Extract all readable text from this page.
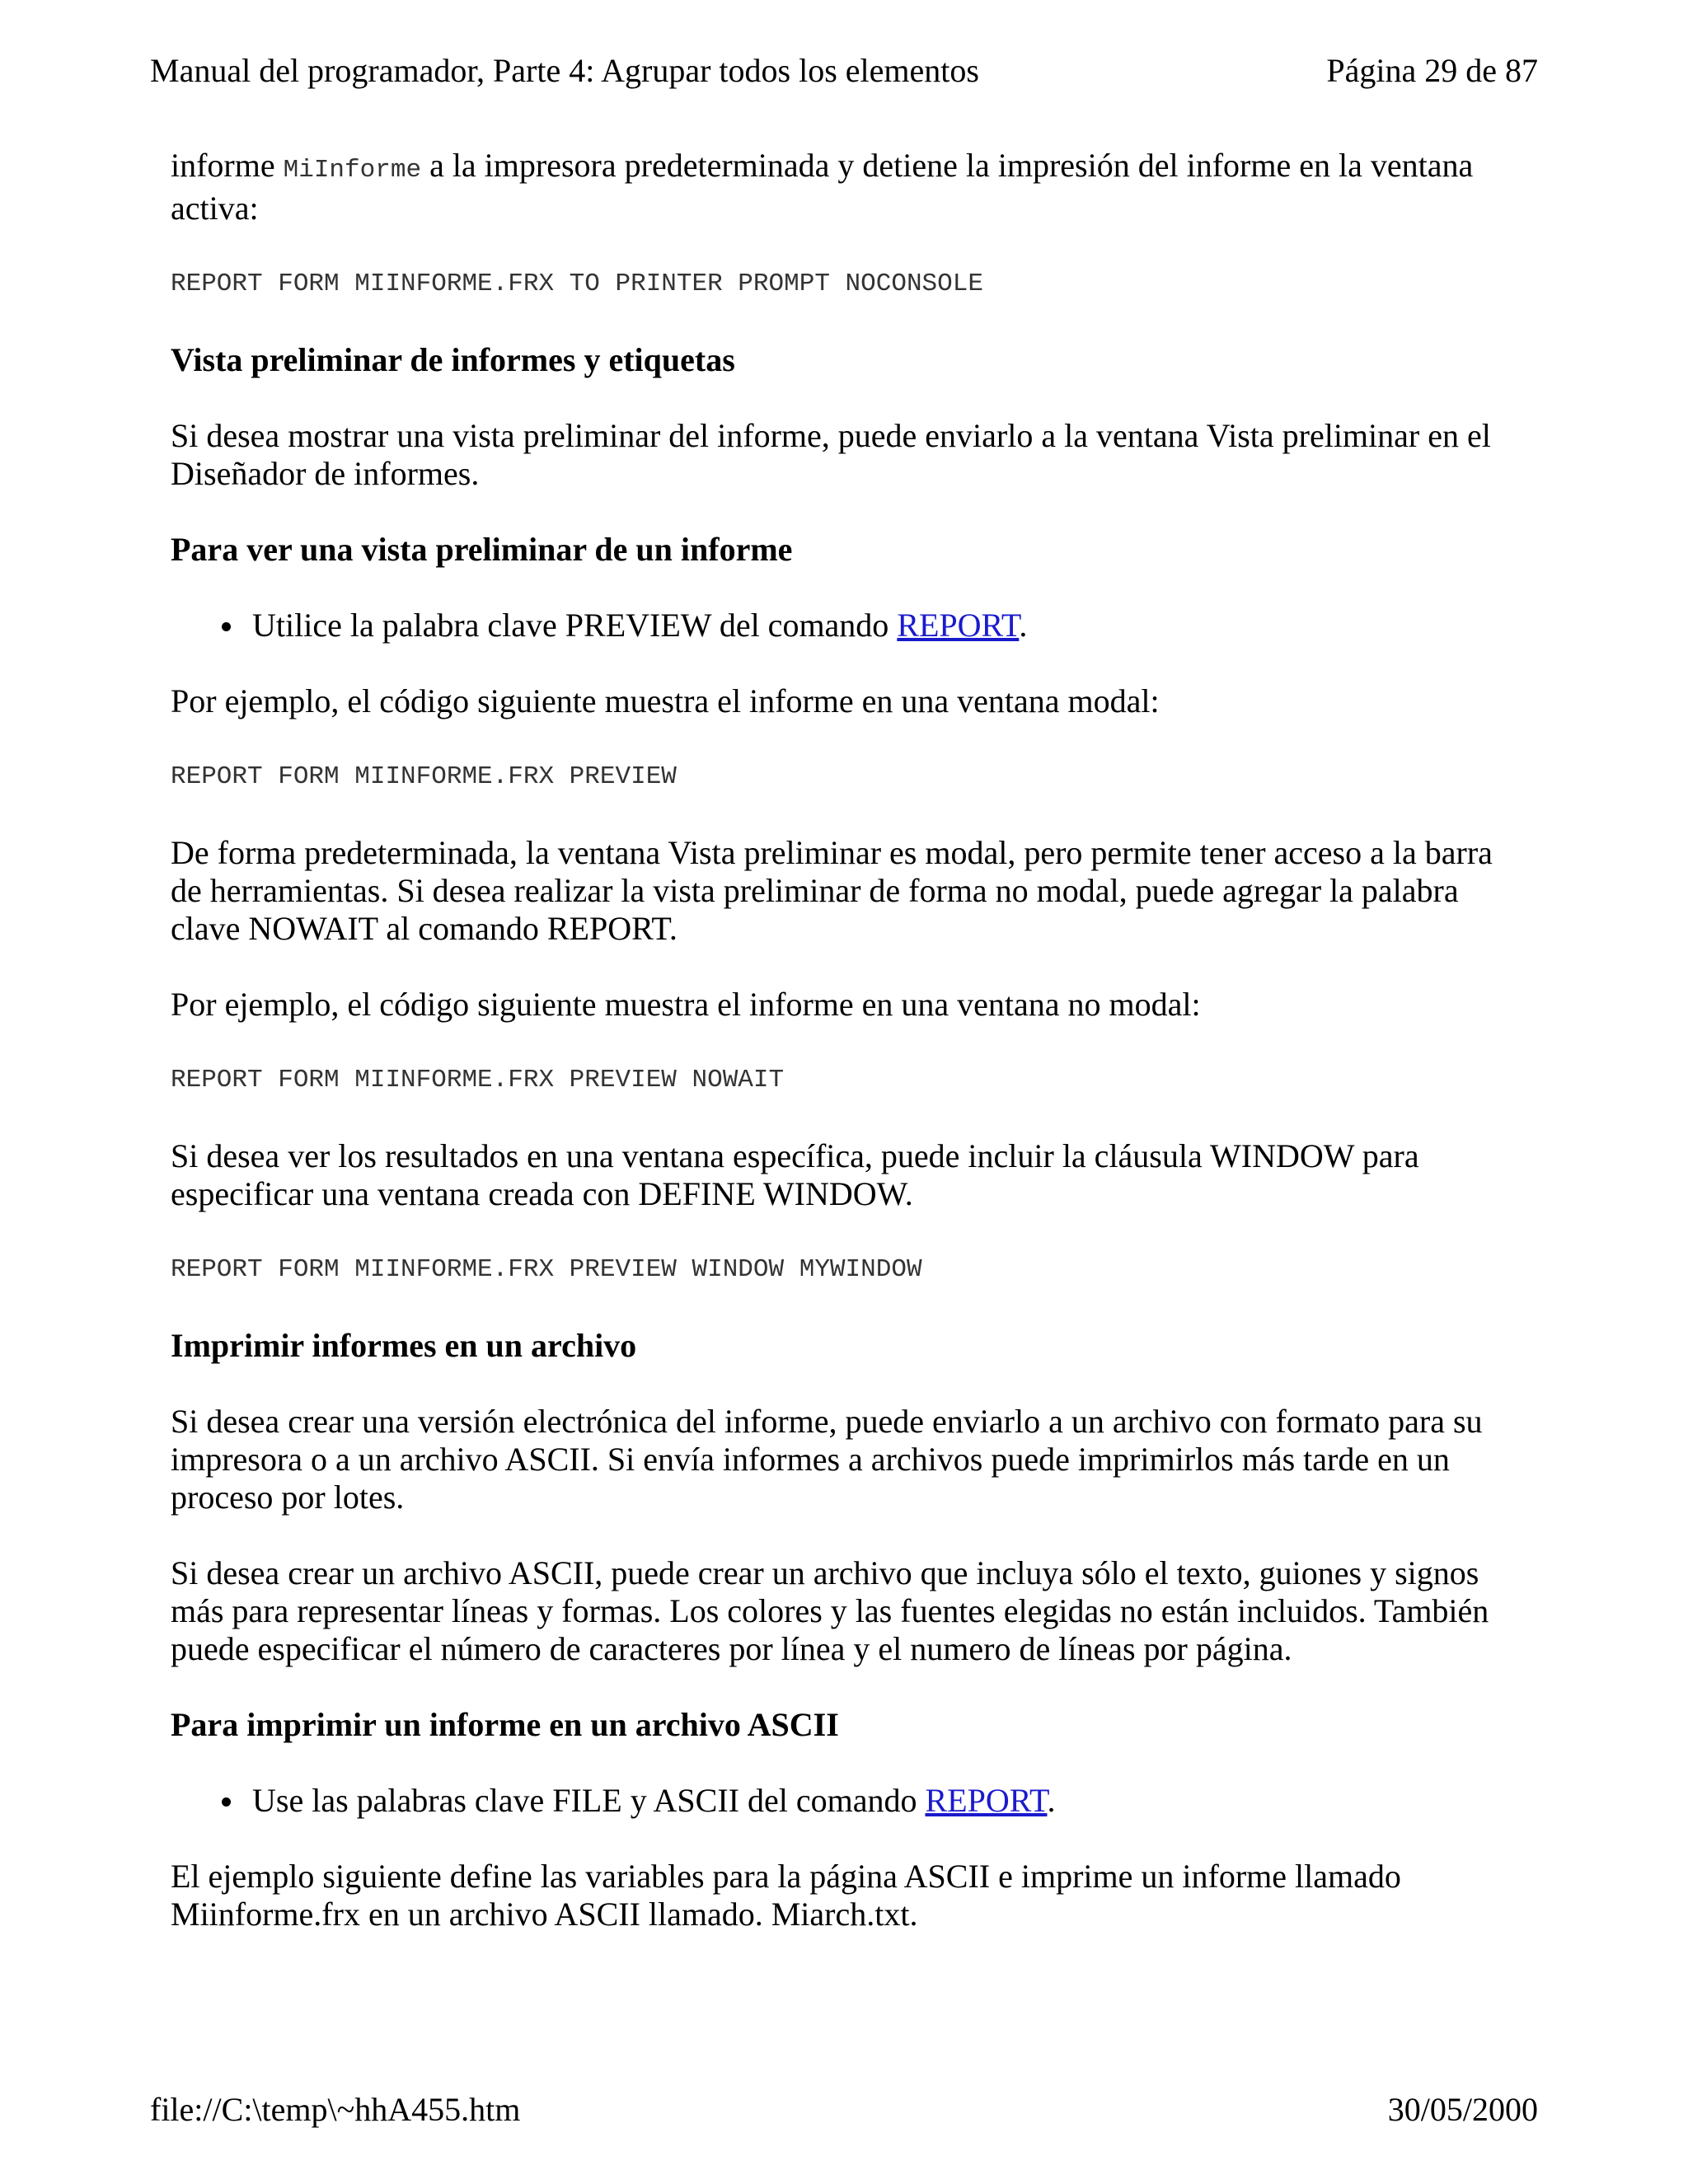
Manual del programador, Parte 4: Agrupar todos los elementos	Página 29 de 87

informe MiInforme a la impresora predeterminada y detiene la impresión del informe en la ventana activa:

REPORT FORM MIINFORME.FRX TO PRINTER PROMPT NOCONSOLE
Vista preliminar de informes y etiquetas

Si desea mostrar una vista preliminar del informe, puede enviarlo a la ventana Vista preliminar en el Diseñador de informes.

Para ver una vista preliminar de un informe
Utilice la palabra clave PREVIEW del comando REPORT.

Por ejemplo, el código siguiente muestra el informe en una ventana modal:

REPORT FORM MIINFORME.FRX PREVIEW

De forma predeterminada, la ventana Vista preliminar es modal, pero permite tener acceso a la barra de herramientas. Si desea realizar la vista preliminar de forma no modal, puede agregar la palabra clave NOWAIT al comando REPORT.

Por ejemplo, el código siguiente muestra el informe en una ventana no modal:

REPORT FORM MIINFORME.FRX PREVIEW NOWAIT

Si desea ver los resultados en una ventana específica, puede incluir la cláusula WINDOW para especificar una ventana creada con DEFINE WINDOW.

REPORT FORM MIINFORME.FRX PREVIEW WINDOW MYWINDOW
Imprimir informes en un archivo

Si desea crear una versión electrónica del informe, puede enviarlo a un archivo con formato para su impresora o a un archivo ASCII. Si envía informes a archivos puede imprimirlos más tarde en un proceso por lotes.

Si desea crear un archivo ASCII, puede crear un archivo que incluya sólo el texto, guiones y signos más para representar líneas y formas. Los colores y las fuentes elegidas no están incluidos. También puede especificar el número de caracteres por línea y el numero de líneas por página.

Para imprimir un informe en un archivo ASCII
Use las palabras clave FILE y ASCII del comando REPORT.

El ejemplo siguiente define las variables para la página ASCII e imprime un informe llamado Miinforme.frx en un archivo ASCII llamado. Miarch.txt.

file://C:\temp\~hhA455.htm	30/05/2000
